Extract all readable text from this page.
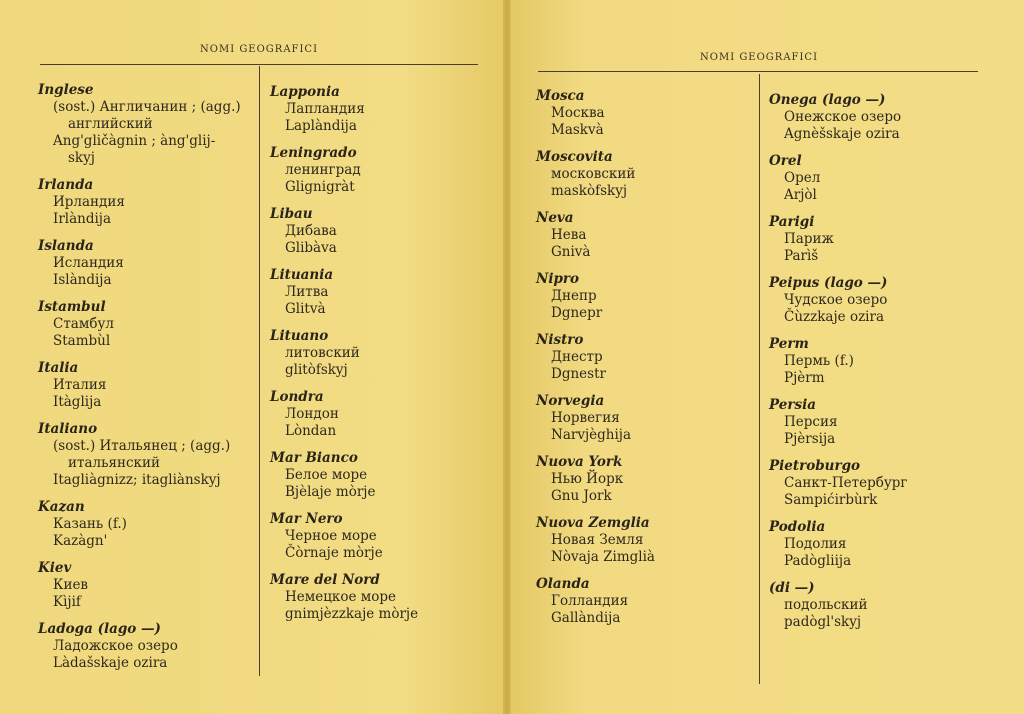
NOMI GEOGRAFICI
NOMI GEOGRAFICI
Inglese
(sost.) Англичанин ; (agg.)
английский
Ang'gličàgnin ; àng'glij-
skyj
Irlanda
Ирландия
Irlàndija
Islanda
Исландия
Islàndija
Istambul
Стамбул
Stambùl
Italia
Италия
Itàglija
Italiano
(sost.) Итальянец ; (agg.)
итальянский
Itagliàgnizz; itagliànskyj
Kazan
Казань (f.)
Kazàgn'
Kiev
Киев
Kìjif
Ladoga (lago —)
Ладожское озеро
Làdašskaje ozira
Lapponia
Лапландия
Laplàndija
Leningrado
ленинград
Glignigràt
Libau
Дибава
Glibàva
Lituania
Литва
Glitvà
Lituano
литовский
glitòfskyj
Londra
Лондон
Lòndan
Mar Bianco
Белое море
Bjèlaje mòrje
Mar Nero
Черное море
Čòrnaje mòrje
Mare del Nord
Немецкое море
gnimjèzzkaje mòrje
Mosca
Москва
Maskvà
Moscovita
московский
maskòfskyj
Neva
Нева
Gnivà
Nipro
Днепр
Dgnepr
Nistro
Днестр
Dgnestr
Norvegia
Норвегия
Narvjèghija
Nuova York
Нью Йорк
Gnu Jork
Nuova Zemglia
Новая Земля
Nòvaja Zimglià
Olanda
Голландия
Gallàndija
Onega (lago —)
Онежское озеро
Agnèšskaje ozira
Orel
Орел
Arjòl
Parigi
Париж
Parìš
Peipus (lago —)
Чудское озеро
Čùzzkaje ozira
Perm
Пермь (f.)
Pjèrm
Persia
Персия
Pjèrsija
Pietroburgo
Санкт-Петербург
Sampićirbùrk
Podolia
Подолия
Padògliija
(di —)
подольский
padògl'skyj
